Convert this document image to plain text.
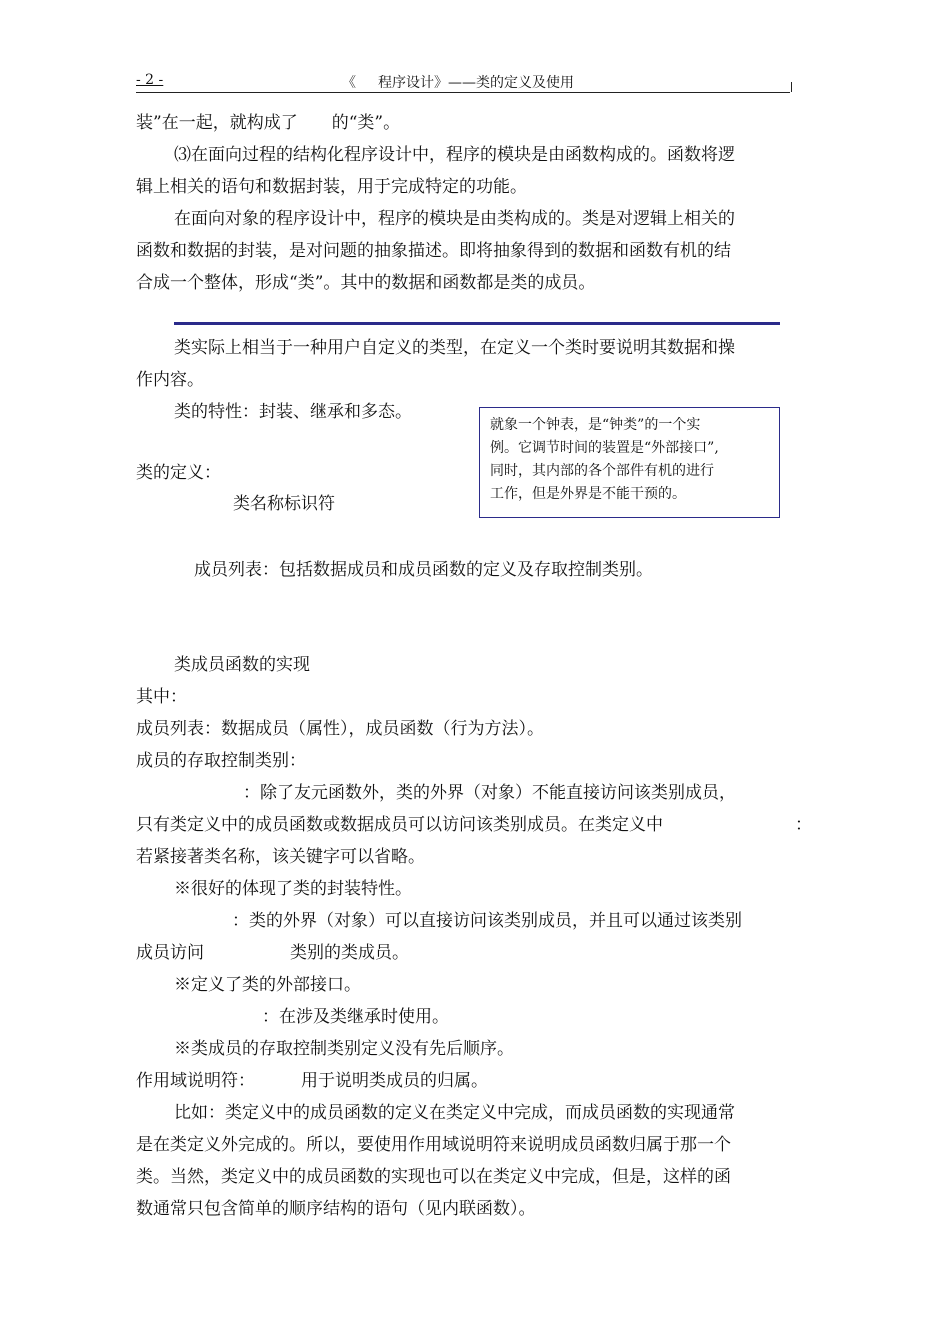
- 2 -	《 程序设计》——类的定义及使用
装”在一起，就构成了　　的“类”。
⑶在面向过程的结构化程序设计中，程序的模块是由函数构成的。函数将逻
辑上相关的语句和数据封装，用于完成特定的功能。
在面向对象的程序设计中，程序的模块是由类构成的。类是对逻辑上相关的
函数和数据的封装，是对问题的抽象描述。即将抽象得到的数据和函数有机的结
合成一个整体，形成“类”。其中的数据和函数都是类的成员。
类实际上相当于一种用户自定义的类型，在定义一个类时要说明其数据和操
作内容。
类的特性：封装、继承和多态。
就象一个钟表，是“钟类”的一个实
例。它调节时间的装置是“外部接口”,
同时，其内部的各个部件有机的进行
工作，但是外界是不能干预的。
类的定义：
类名称标识符
成员列表：包括数据成员和成员函数的定义及存取控制类别。
类成员函数的实现
其中：
成员列表：数据成员（属性），成员函数（行为方法）。
成员的存取控制类别：
：除了友元函数外，类的外界（对象）不能直接访问该类别成员，
只有类定义中的成员函数或数据成员可以访问该类别成员。在类定义中	：
若紧接著类名称，该关键字可以省略。
※很好的体现了类的封装特性。
：类的外界（对象）可以直接访问该类别成员，并且可以通过该类别
成员访问	类别的类成员。
※定义了类的外部接口。
：在涉及类继承时使用。
※类成员的存取控制类别定义没有先后顺序。
作用域说明符：	用于说明类成员的归属。
比如：类定义中的成员函数的定义在类定义中完成，而成员函数的实现通常
是在类定义外完成的。所以，要使用作用域说明符来说明成员函数归属于那一个
类。当然，类定义中的成员函数的实现也可以在类定义中完成，但是，这样的函
数通常只包含简单的顺序结构的语句（见内联函数）。
